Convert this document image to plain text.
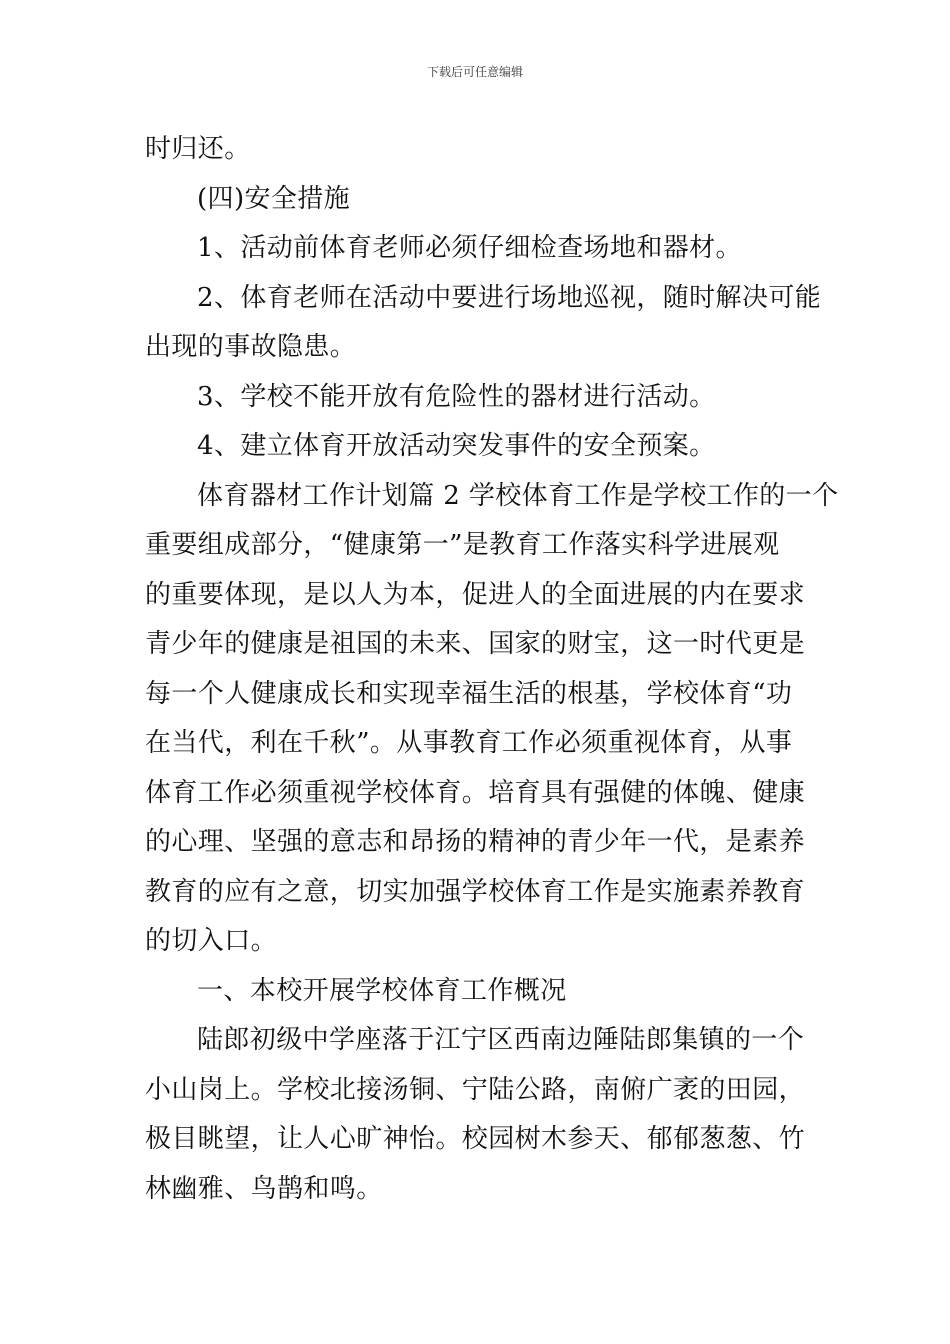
下载后可任意编辑
时归还。
(四)安全措施
1、活动前体育老师必须仔细检查场地和器材。
2、体育老师在活动中要进行场地巡视，随时解决可能
出现的事故隐患。
3、学校不能开放有危险性的器材进行活动。
4、建立体育开放活动突发事件的安全预案。
体育器材工作计划篇 2 学校体育工作是学校工作的一个
重要组成部分，“健康第一”是教育工作落实科学进展观
的重要体现，是以人为本，促进人的全面进展的内在要求
青少年的健康是祖国的未来、国家的财宝，这一时代更是
每一个人健康成长和实现幸福生活的根基，学校体育“功
在当代，利在千秋”。从事教育工作必须重视体育，从事
体育工作必须重视学校体育。培育具有强健的体魄、健康
的心理、坚强的意志和昂扬的精神的青少年一代，是素养
教育的应有之意，切实加强学校体育工作是实施素养教育
的切入口。
一、本校开展学校体育工作概况
陆郎初级中学座落于江宁区西南边陲陆郎集镇的一个
小山岗上。学校北接汤铜、宁陆公路，南俯广袤的田园，
极目眺望，让人心旷神怡。校园树木参天、郁郁葱葱、竹
林幽雅、鸟鹊和鸣。
